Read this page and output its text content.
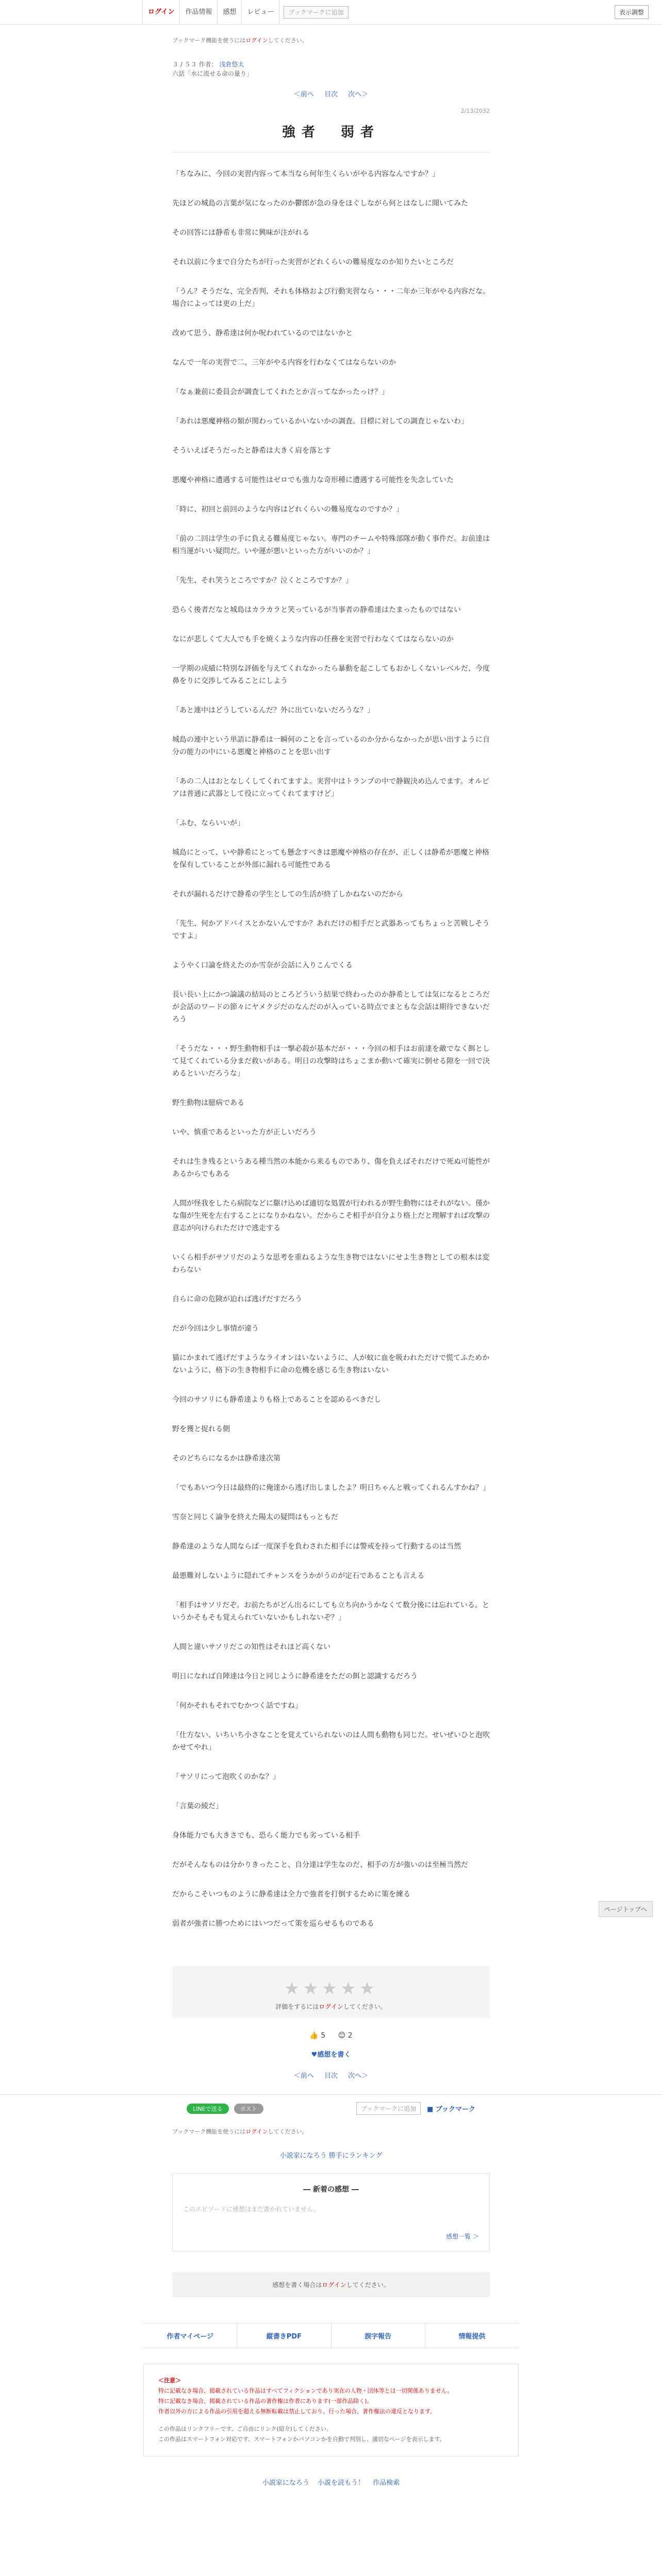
ログイン	作品情報	感想	レビュー	ブックマークに追加	表示調整
ブックマーク機能を使うにはログインしてください。
３ / ５３ 作者： 浅倉悠太
六話「水に流せる命の量り」
＜前へ 目次 次へ＞
2/13/2032
強者　弱者

「ちなみに、今回の実習内容って本当なら何年生くらいがやる内容なんですか？」

先ほどの城島の言葉が気になったのか鬱郎が急の身をほぐしながら何とはなしに聞いてみた

その回答には静希も非常に興味が注がれる

それ以前に今まで自分たちが行った実習がどれくらいの難易度なのか知りたいところだ

「うん？そうだな、完全否判、それも体格および行動実習なら・・・二年か三年がやる内容だな。場合によっては更の上だ」

改めて思う、静希達は何か呪われているのではないかと

なんで一年の実習で二、三年がやる内容を行わなくてはならないのか

「なぁ兼前に委員会が調査してくれたとか言ってなかったっけ？」

「あれは悪魔神格の類が関わっているかいないかの調査。目標に対しての調査じゃないわ」

そういえばそうだったと静希は大きく肩を落とす

悪魔や神格に遭遇する可能性はゼロでも強力な奇形種に遭遇する可能性を失念していた

「時に、初回と前回のような内容はどれくらいの難易度なのですか？」

「前の二回は学生の手に負える難易度じゃない。専門のチームや特殊部隊が動く事件だ。お前達は相当運がいい疑問だ。いや運が悪いといった方がいいのか？」

「先生、それ笑うところですか？泣くところですか？」

恐らく後者だなと城島はカラカラと笑っているが当事者の静希達はたまったものではない

なにが悲しくて大人でも手を焼くような内容の任務を実習で行わなくてはならないのか

一学期の成績に特別な評価を与えてくれなかったら暴動を起こしてもおかしくないレベルだ、今度鼻をりに交渉してみることにしよう

「あと連中はどうしているんだ？外に出ていないだろうな？」

城島の連中という単語に静希は一瞬何のことを言っているのか分からなかったが思い出すように自分の能力の中にいる悪魔と神格のことを思い出す

「あの二人はおとなしくしてくれてますよ。実習中はトランプの中で静観決め込んでます。オルビアは普通に武器として役に立ってくれてますけど」

「ふむ、ならいいが」

城島にとって、いや静希にとっても懸念すべきは悪魔や神格の存在が、正しくは静希が悪魔と神格を保有していることが外部に漏れる可能性である

それが漏れるだけで静希の学生としての生活が終了しかねないのだから

「先生、何かアドバイスとかないんですか？あれだけの相手だと武器あってもちょっと苦戦しそうですよ」

ようやく口論を終えたのか雪奈が会話に入りこんでくる

長い長い上にかつ論議の結局のところどういう結果で終わったのか静希としては気になるところだが会話のワードの節々にヤメクジだのなんだのが入っている時点でまともな会話は期待できないだろう

「そうだな・・・野生動物相手は一撃必殺が基本だが・・・今回の相手はお前達を敵でなく餌として見てくれている分まだ救いがある。明日の攻撃時はちょこまか動いて確実に倒せる隙を一回で決めるといいだろうな」

野生動物は臆病である

いや、慎重であるといった方が正しいだろう

それは生き残るというある種当然の本能から来るものであり、傷を負えばそれだけで死ぬ可能性があるからでもある

人間が怪我をしたら病院などに駆け込めば適切な処置が行われるが野生動物にはそれがない。僅かな傷が生死を左右することになりかねない。だからこそ相手が自分より格上だと理解すれば攻撃の意志が向けられただけで逃走する

いくら相手がサソリだのような思考を重ねるような生き物ではないにせよ生き物としての根本は変わらない

自らに命の危険が迫れば逃げだすだろう

だが今回は少し事情が違う

猫にかまれて逃げだすようなライオンはいないように、人が蚊に血を吸われただけで慌てふためかないように、格下の生き物相手に命の危機を感じる生き物はいない

今回のサソリにも静希達よりも格上であることを認めるべきだし

野を獲と捉れる側

そのどちらになるかは静希達次第

「でもあいつ今日は最終的に俺達から逃げ出しましたよ？明日ちゃんと戦ってくれるんすかね？」

雪奈と同じく論争を終えた陽太の疑問はもっともだ

静希達のような人間ならば一度深手を負わされた相手には警戒を持って行動するのは当然

最悪難対しないように隠れてチャンスをうかがうのが定石であることも言える

「相手はサソリだぞ。お前たちがどん出るにしても立ち向かうかなくて数分後には忘れている。というかそもそも覚えられていないかもしれないぞ？」

人間と違いサソリだこの知性はそれほど高くない

明日になれば自陣達は今日と同じように静希達をただの餌と認識するだろう

「何かそれもそれでむかつく話ですね」

「仕方ない、いちいち小さなことを覚えていられないのは人間も動物も同じだ。せいぜいひと泡吹かせてやれ」

「サソリにって泡吹くのかな？」

「言葉の綾だ」

身体能力でも大きさでも、恐らく能力でも劣っている相手

だがそんなものは分かりきったこと、自分達は学生なのだ、相手の方が強いのは至極当然だ

だからこそいつものように静希達は全力で強者を打倒するために策を練る

弱者が強者に勝つためにはいつだって策を巡らせるものである

★★★★★
評価をするにはログインしてください。
👍 5 😊 2
♥感想を書く
＜前へ 目次 次へ＞
LINEで送る	ポスト	ブックマークに追加	■ ブックマーク
ブックマーク機能を使うにはログインしてください。
小説家になろう 勝手にランキング
― 新着の感想 ―
このエピソードに感想はまだ書かれていません。
感想一覧 ＞
感想を書く場合はログインしてください。
作者マイページ	縦書きPDF	誤字報告	情報提供
＜注意＞
特に記載なき場合、掲載されている作品はすべてフィクションであり実在の人物・団体等とは一切関係ありません。
特に記載なき場合、掲載されている作品の著作権は作者にあります(一部作品除く)。
作者以外の方による作品の引用を超える無断転載は禁止しており、行った場合、著作権法の違反となります。
この作品はリンクフリーです。ご自由にリンク(紹介)してください。
この作品はスマートフォン対応です。スマートフォンかパソコンかを自動で判別し、適切なページを表示します。
小説家になろう 小説を読もう！ 作品検索
ページトップへ
